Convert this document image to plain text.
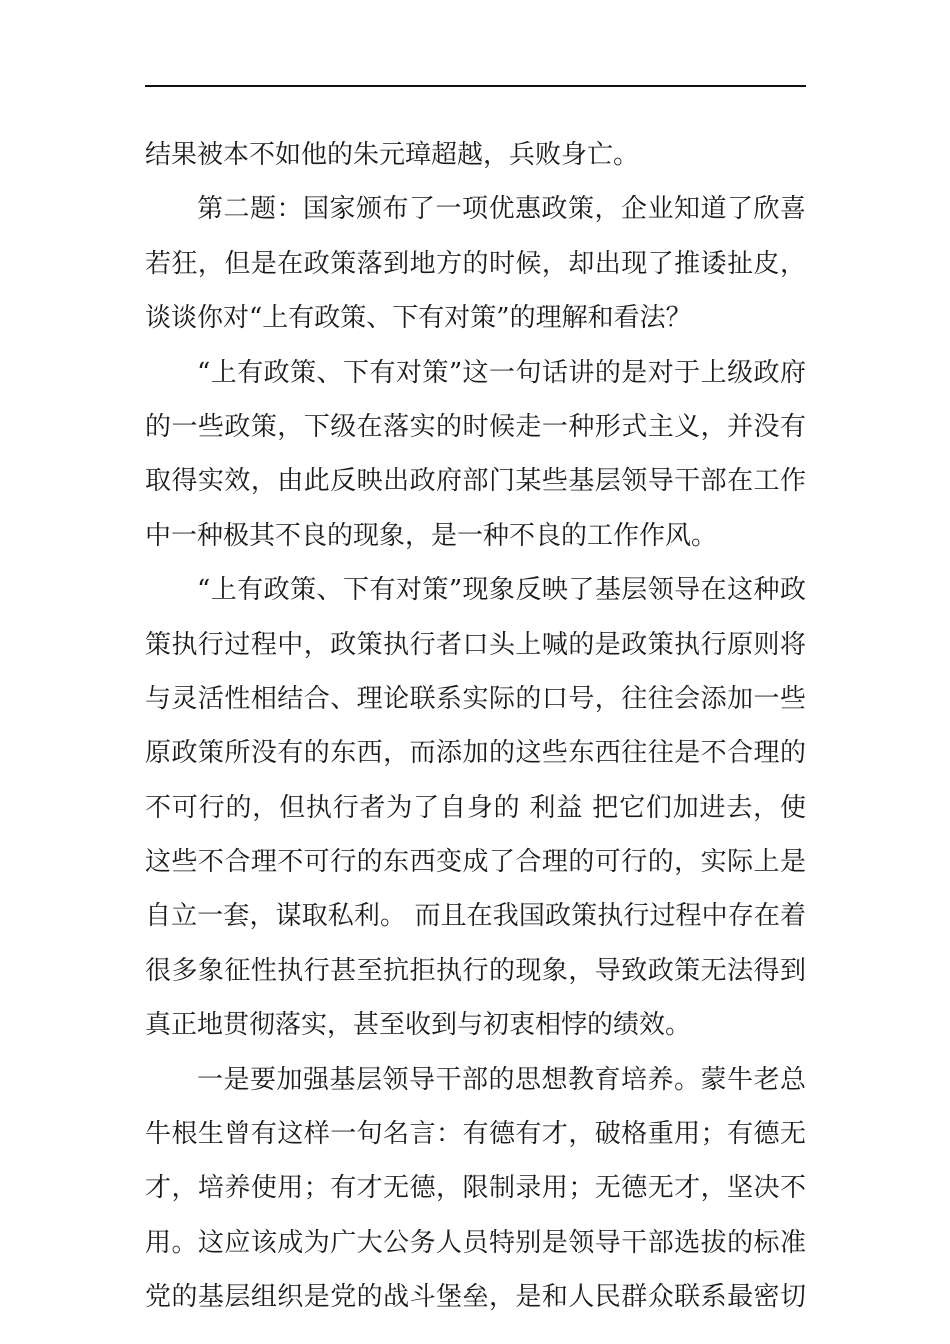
结果被本不如他的朱元璋超越，兵败身亡。
第二题：国家颁布了一项优惠政策，企业知道了欣喜
若狂，但是在政策落到地方的时候，却出现了推诿扯皮，
谈谈你对“上有政策、下有对策”的理解和看法？
“上有政策、下有对策”这一句话讲的是对于上级政府
的一些政策，下级在落实的时候走一种形式主义，并没有
取得实效，由此反映出政府部门某些基层领导干部在工作
中一种极其不良的现象，是一种不良的工作作风。
“上有政策、下有对策”现象反映了基层领导在这种政
策执行过程中，政策执行者口头上喊的是政策执行原则将
与灵活性相结合、理论联系实际的口号，往往会添加一些
原政策所没有的东西，而添加的这些东西往往是不合理的
不可行的，但执行者为了自身的 利益 把它们加进去，使
这些不合理不可行的东西变成了合理的可行的，实际上是
自立一套，谋取私利。 而且在我国政策执行过程中存在着
很多象征性执行甚至抗拒执行的现象，导致政策无法得到
真正地贯彻落实，甚至收到与初衷相悖的绩效。
一是要加强基层领导干部的思想教育培养。蒙牛老总
牛根生曾有这样一句名言：有德有才，破格重用；有德无
才，培养使用；有才无德，限制录用；无德无才，坚决不
用。这应该成为广大公务人员特别是领导干部选拔的标准
党的基层组织是党的战斗堡垒，是和人民群众联系最密切
